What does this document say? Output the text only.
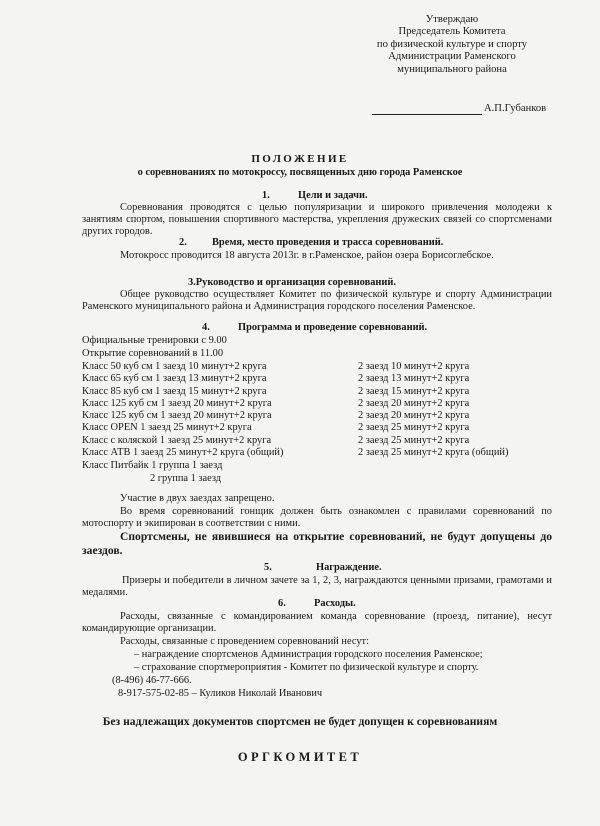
Утверждаю
Председатель Комитета
по физической культуре и спорту
Администрации Раменского
муниципального района
А.П.Губанков
ПОЛОЖЕНИЕ
о соревнованиях по мотокроссу, посвященных дню города Раменское
1.	Цели и задачи.
Соревнования проводятся с целью популяризации и широкого привлечения молодежи к занятиям спортом, повышения спортивного мастерства, укрепления дружеских связей со спортсменами других городов.
2. Время, место проведения и трасса соревнований.
Мотокросс проводится 18 августа 2013г. в г.Раменское, район озера Борисоглебское.
3.Руководство и организация соревнований.
Общее руководство осуществляет Комитет по физической культуре и спорту Администрации Раменского муниципального района и Администрация городского поселения Раменское.
4.	Программа и проведение соревнований.
Официальные тренировки с 9.00
Открытие соревнований в 11.00
Класс 50 куб см 1 заезд 10 минут+2 круга	2 заезд 10 минут+2 круга
Класс 65 куб см 1 заезд 13 минут+2 круга	2 заезд 13 минут+2 круга
Класс 85 куб см 1 заезд 15 минут+2 круга	2 заезд 15 минут+2 круга
Класс 125 куб см 1 заезд 20 минут+2 круга	2 заезд 20 минут+2 круга
Класс 125 куб см 1 заезд 20 минут+2 круга	2 заезд 20 минут+2 круга
Класс OPEN 1 заезд 25 минут+2 круга	2 заезд 25 минут+2 круга
Класс с коляской 1 заезд 25 минут+2 круга	2 заезд 25 минут+2 круга
Класс АТВ 1 заезд 25 минут+2 круга (общий)	2 заезд 25 минут+2 круга (общий)
Класс Питбайк 1 группа 1 заезд
2 группа 1 заезд
Участие в двух заездах запрещено.
Во время соревнований гонщик должен быть ознакомлен с правилами соревнований по мотоспорту и экипирован в соответствии с ними.
Спортсмены, не явившиеся на открытие соревнований, не будут допущены до заездов.
5.	Награждение.
Призеры и победители в личном зачете за 1, 2, 3, награждаются ценными призами, грамотами и медалями.
6.	Расходы.
Расходы, связанные с командированием команда соревнование (проезд, питание), несут командирующие организации.
Расходы, связанные с проведением соревнований несут:
– награждение спортсменов Администрация городского поселения Раменское;
– страхование спортмероприятия - Комитет по физической культуре и спорту.
(8-496) 46-77-666.
8-917-575-02-85 – Куликов Николай Иванович
Без надлежащих документов спортсмен не будет допущен к соревнованиям
ОРГКОМИТЕТ
